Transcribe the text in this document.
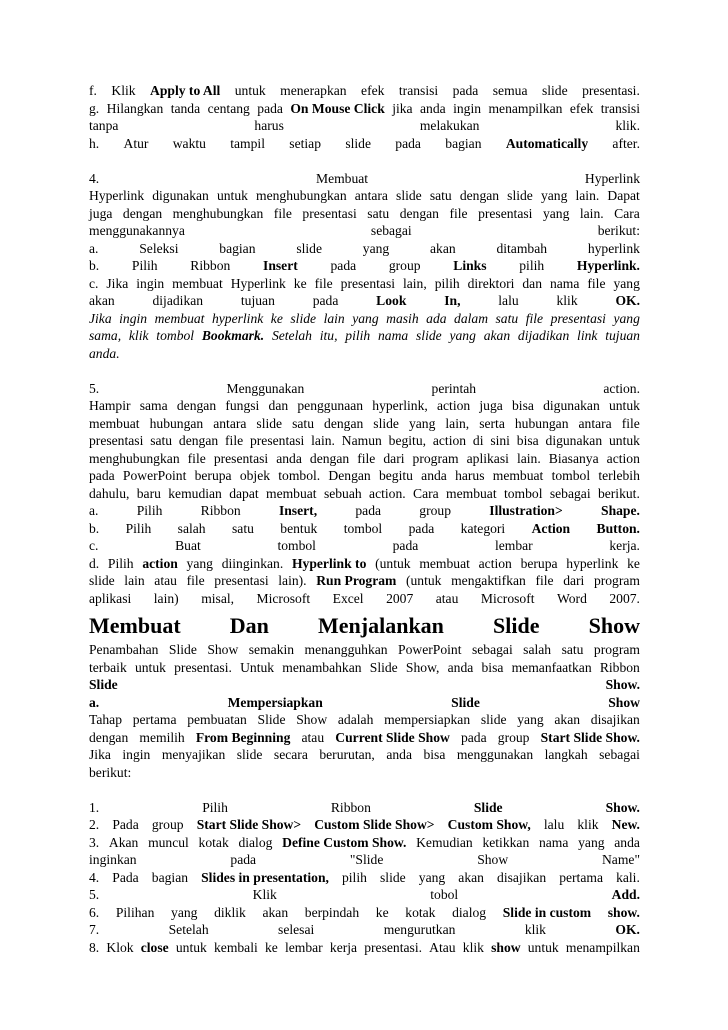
f. Klik Apply to All untuk menerapkan efek transisi pada semua slide presentasi.
g. Hilangkan tanda centang pada On Mouse Click jika anda ingin menampilkan efek transisi
tanpa	harus	melakukan	klik.
h. Atur waktu tampil setiap slide pada bagian Automatically after.
4.	Membuat	Hyperlink
Hyperlink digunakan untuk menghubungkan antara slide satu dengan slide yang lain. Dapat
juga dengan menghubungkan file presentasi satu dengan file presentasi yang lain. Cara
menggunakannya	sebagai	berikut:
a.	Seleksi	bagian	slide	yang	akan	ditambah	hyperlink
b. Pilih Ribbon Insert pada group Links pilih Hyperlink.
c. Jika ingin membuat Hyperlink ke file presentasi lain, pilih direktori dan nama file yang
akan	dijadikan	tujuan	pada	Look	In,	lalu	klik	OK.
Jika ingin membuat hyperlink ke slide lain yang masih ada dalam satu file presentasi yang
sama, klik tombol Bookmark. Setelah itu, pilih nama slide yang akan dijadikan link tujuan
anda.
5.	Menggunakan	perintah	action.
Hampir sama dengan fungsi dan penggunaan hyperlink, action juga bisa digunakan untuk
membuat hubungan antara slide satu dengan slide yang lain, serta hubungan antara file
presentasi satu dengan file presentasi lain. Namun begitu, action di sini bisa digunakan untuk
menghubungkan file presentasi anda dengan file dari program aplikasi lain. Biasanya action
pada PowerPoint berupa objek tombol. Dengan begitu anda harus membuat tombol terlebih
dahulu, baru kemudian dapat membuat sebuah action. Cara membuat tombol sebagai berikut.
a.	Pilih	Ribbon	Insert,	pada	group	Illustration>	Shape.
b. Pilih salah satu bentuk tombol pada kategori Action Button.
c.	Buat	tombol	pada	lembar	kerja.
d. Pilih action yang diinginkan. Hyperlink to (untuk membuat action berupa hyperlink ke
slide lain atau file presentasi lain). Run Program (untuk mengaktifkan file dari program
aplikasi lain) misal, Microsoft Excel 2007 atau Microsoft Word 2007.
Membuat Dan Menjalankan Slide Show
Penambahan Slide Show semakin menangguhkan PowerPoint sebagai salah satu program
terbaik untuk presentasi. Untuk menambahkan Slide Show, anda bisa memanfaatkan Ribbon
Slide	Show.
a.	Mempersiapkan	Slide	Show
Tahap pertama pembuatan Slide Show adalah mempersiapkan slide yang akan disajikan
dengan memilih From Beginning atau Current Slide Show pada group Start Slide Show.
Jika ingin menyajikan slide secara berurutan, anda bisa menggunakan langkah sebagai
berikut:
1.	Pilih	Ribbon	Slide	Show.
2. Pada group Start Slide Show> Custom Slide Show> Custom Show, lalu klik New.
3. Akan muncul kotak dialog Define Custom Show. Kemudian ketikkan nama yang anda
inginkan	pada	"Slide	Show	Name"
4. Pada bagian Slides in presentation, pilih slide yang akan disajikan pertama kali.
5.	Klik	tobol	Add.
6. Pilihan yang diklik akan berpindah ke kotak dialog Slide in custom show.
7.	Setelah	selesai	mengurutkan	klik	OK.
8. Klok close untuk kembali ke lembar kerja presentasi. Atau klik show untuk menampilkan
